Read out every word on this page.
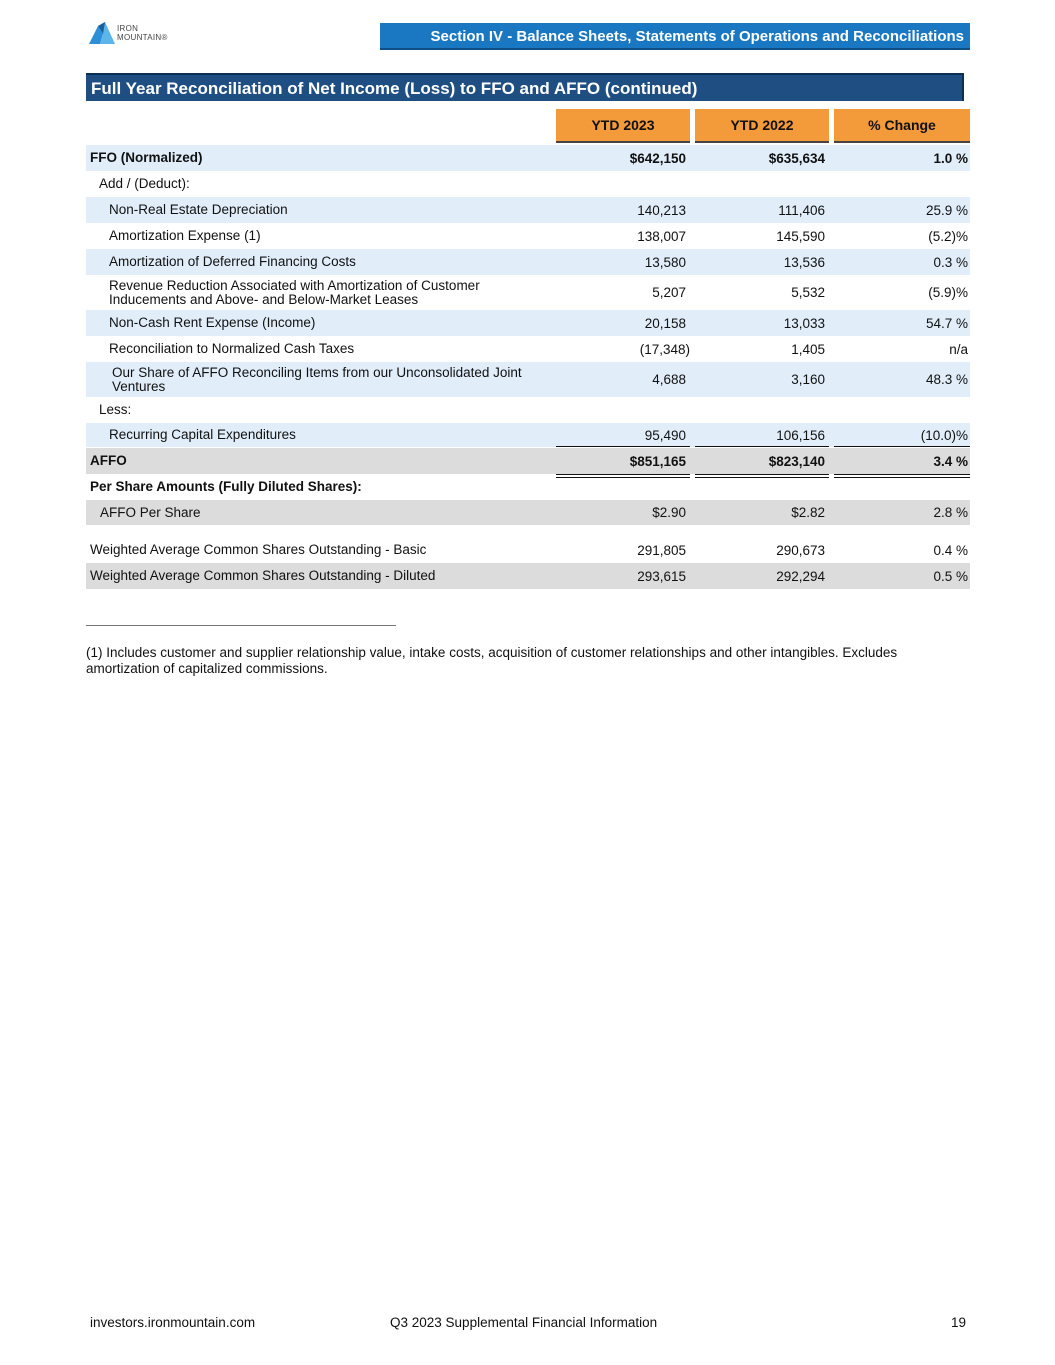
IRON
MOUNTAIN®	Section IV - Balance Sheets, Statements of Operations and Reconciliations
Full Year Reconciliation of Net Income (Loss) to FFO and AFFO (continued)
YTD 2023	YTD 2022	% Change
FFO (Normalized)	$642,150	$635,634	1.0 %
Add / (Deduct):
Non-Real Estate Depreciation	140,213	111,406	25.9 %
Amortization Expense (1)	138,007	145,590	(5.2)%
Amortization of Deferred Financing Costs	13,580	13,536	0.3 %
Revenue Reduction Associated with Amortization of Customer Inducements and Above- and Below-Market Leases	5,207	5,532	(5.9)%
Non-Cash Rent Expense (Income)	20,158	13,033	54.7 %
Reconciliation to Normalized Cash Taxes	(17,348)	1,405	n/a
Our Share of AFFO Reconciling Items from our Unconsolidated Joint Ventures	4,688	3,160	48.3 %
Less:
Recurring Capital Expenditures	95,490	106,156	(10.0)%
AFFO	$851,165	$823,140	3.4 %
Per Share Amounts (Fully Diluted Shares):
AFFO Per Share	$2.90	$2.82	2.8 %
Weighted Average Common Shares Outstanding - Basic	291,805	290,673	0.4 %
Weighted Average Common Shares Outstanding - Diluted	293,615	292,294	0.5 %
(1) Includes customer and supplier relationship value, intake costs, acquisition of customer relationships and other intangibles. Excludes amortization of capitalized commissions.
investors.ironmountain.com	Q3 2023 Supplemental Financial Information	19
